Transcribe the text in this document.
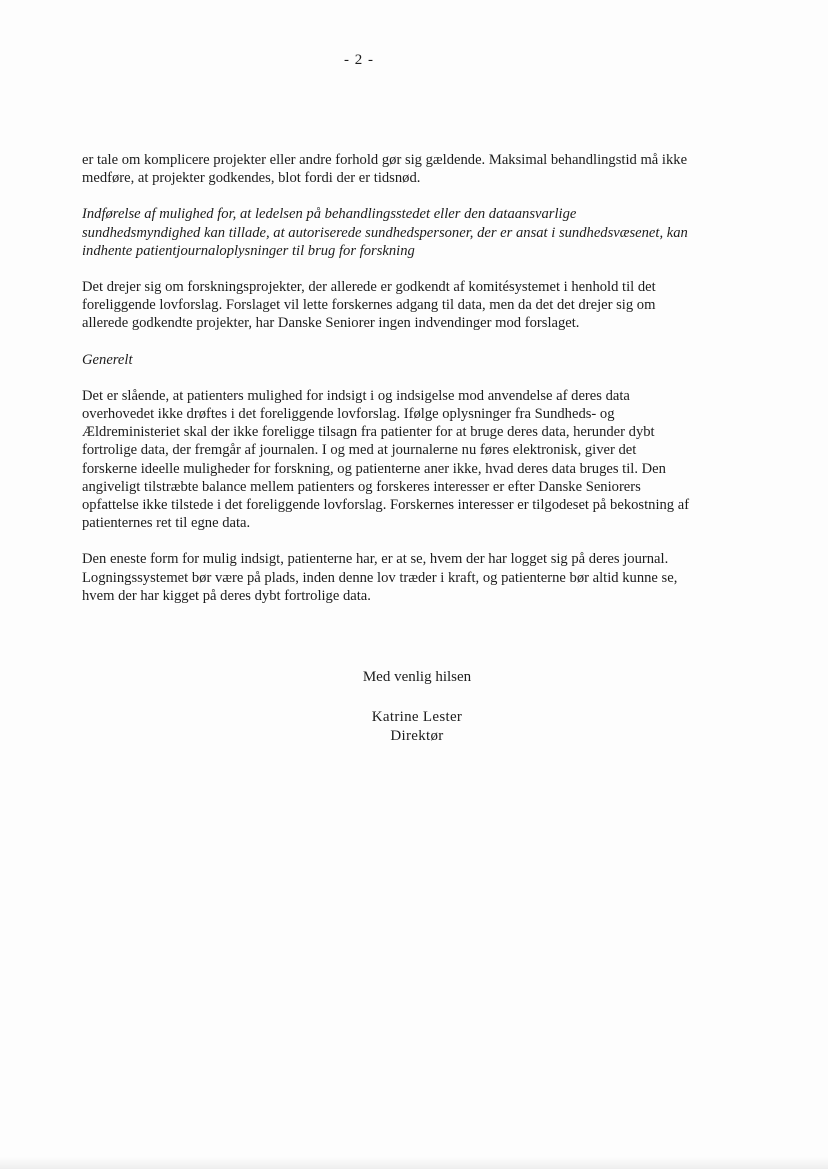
- 2 -
er tale om komplicere projekter eller andre forhold gør sig gældende. Maksimal behandlingstid må ikke
medføre, at projekter godkendes, blot fordi der er tidsnød.
Indførelse af mulighed for, at ledelsen på behandlingsstedet eller den dataansvarlige
sundhedsmyndighed kan tillade, at autoriserede sundhedspersoner, der er ansat i sundhedsvæsenet, kan
indhente patientjournaloplysninger til brug for forskning
Det drejer sig om forskningsprojekter, der allerede er godkendt af komitésystemet i henhold til det
foreliggende lovforslag. Forslaget vil lette forskernes adgang til data, men da det det drejer sig om
allerede godkendte projekter, har Danske Seniorer ingen indvendinger mod forslaget.
Generelt
Det er slående, at patienters mulighed for indsigt i og indsigelse mod anvendelse af deres data
overhovedet ikke drøftes i det foreliggende lovforslag. Ifølge oplysninger fra Sundheds- og
Ældreministeriet skal der ikke foreligge tilsagn fra patienter for at bruge deres data, herunder dybt
fortrolige data, der fremgår af journalen. I og med at journalerne nu føres elektronisk, giver det
forskerne ideelle muligheder for forskning, og patienterne aner ikke, hvad deres data bruges til. Den
angiveligt tilstræbte balance mellem patienters og forskeres interesser er efter Danske Seniorers
opfattelse ikke tilstede i det foreliggende lovforslag. Forskernes interesser er tilgodeset på bekostning af
patienternes ret til egne data.
Den eneste form for mulig indsigt, patienterne har, er at se, hvem der har logget sig på deres journal.
Logningssystemet bør være på plads, inden denne lov træder i kraft, og patienterne bør altid kunne se,
hvem der har kigget på deres dybt fortrolige data.
Med venlig hilsen
Katrine Lester
Direktør
